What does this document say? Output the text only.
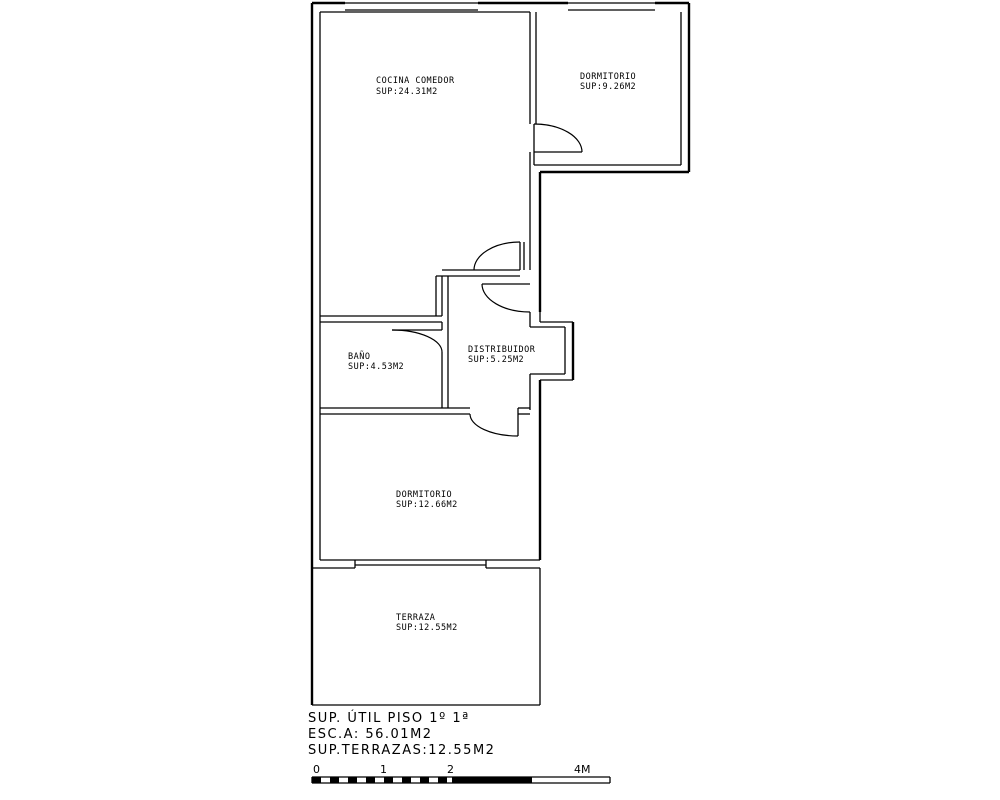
COCINA COMEDOR
SUP:24.31M2
DORMITORIO
SUP:9.26M2
BAÑO
SUP:4.53M2
DISTRIBUIDOR
SUP:5.25M2
DORMITORIO
SUP:12.66M2
TERRAZA
SUP:12.55M2
SUP. ÚTIL PISO 1º 1ª
ESC.A: 56.01M2
SUP.TERRAZAS:12.55M2
0	1	2	4M
